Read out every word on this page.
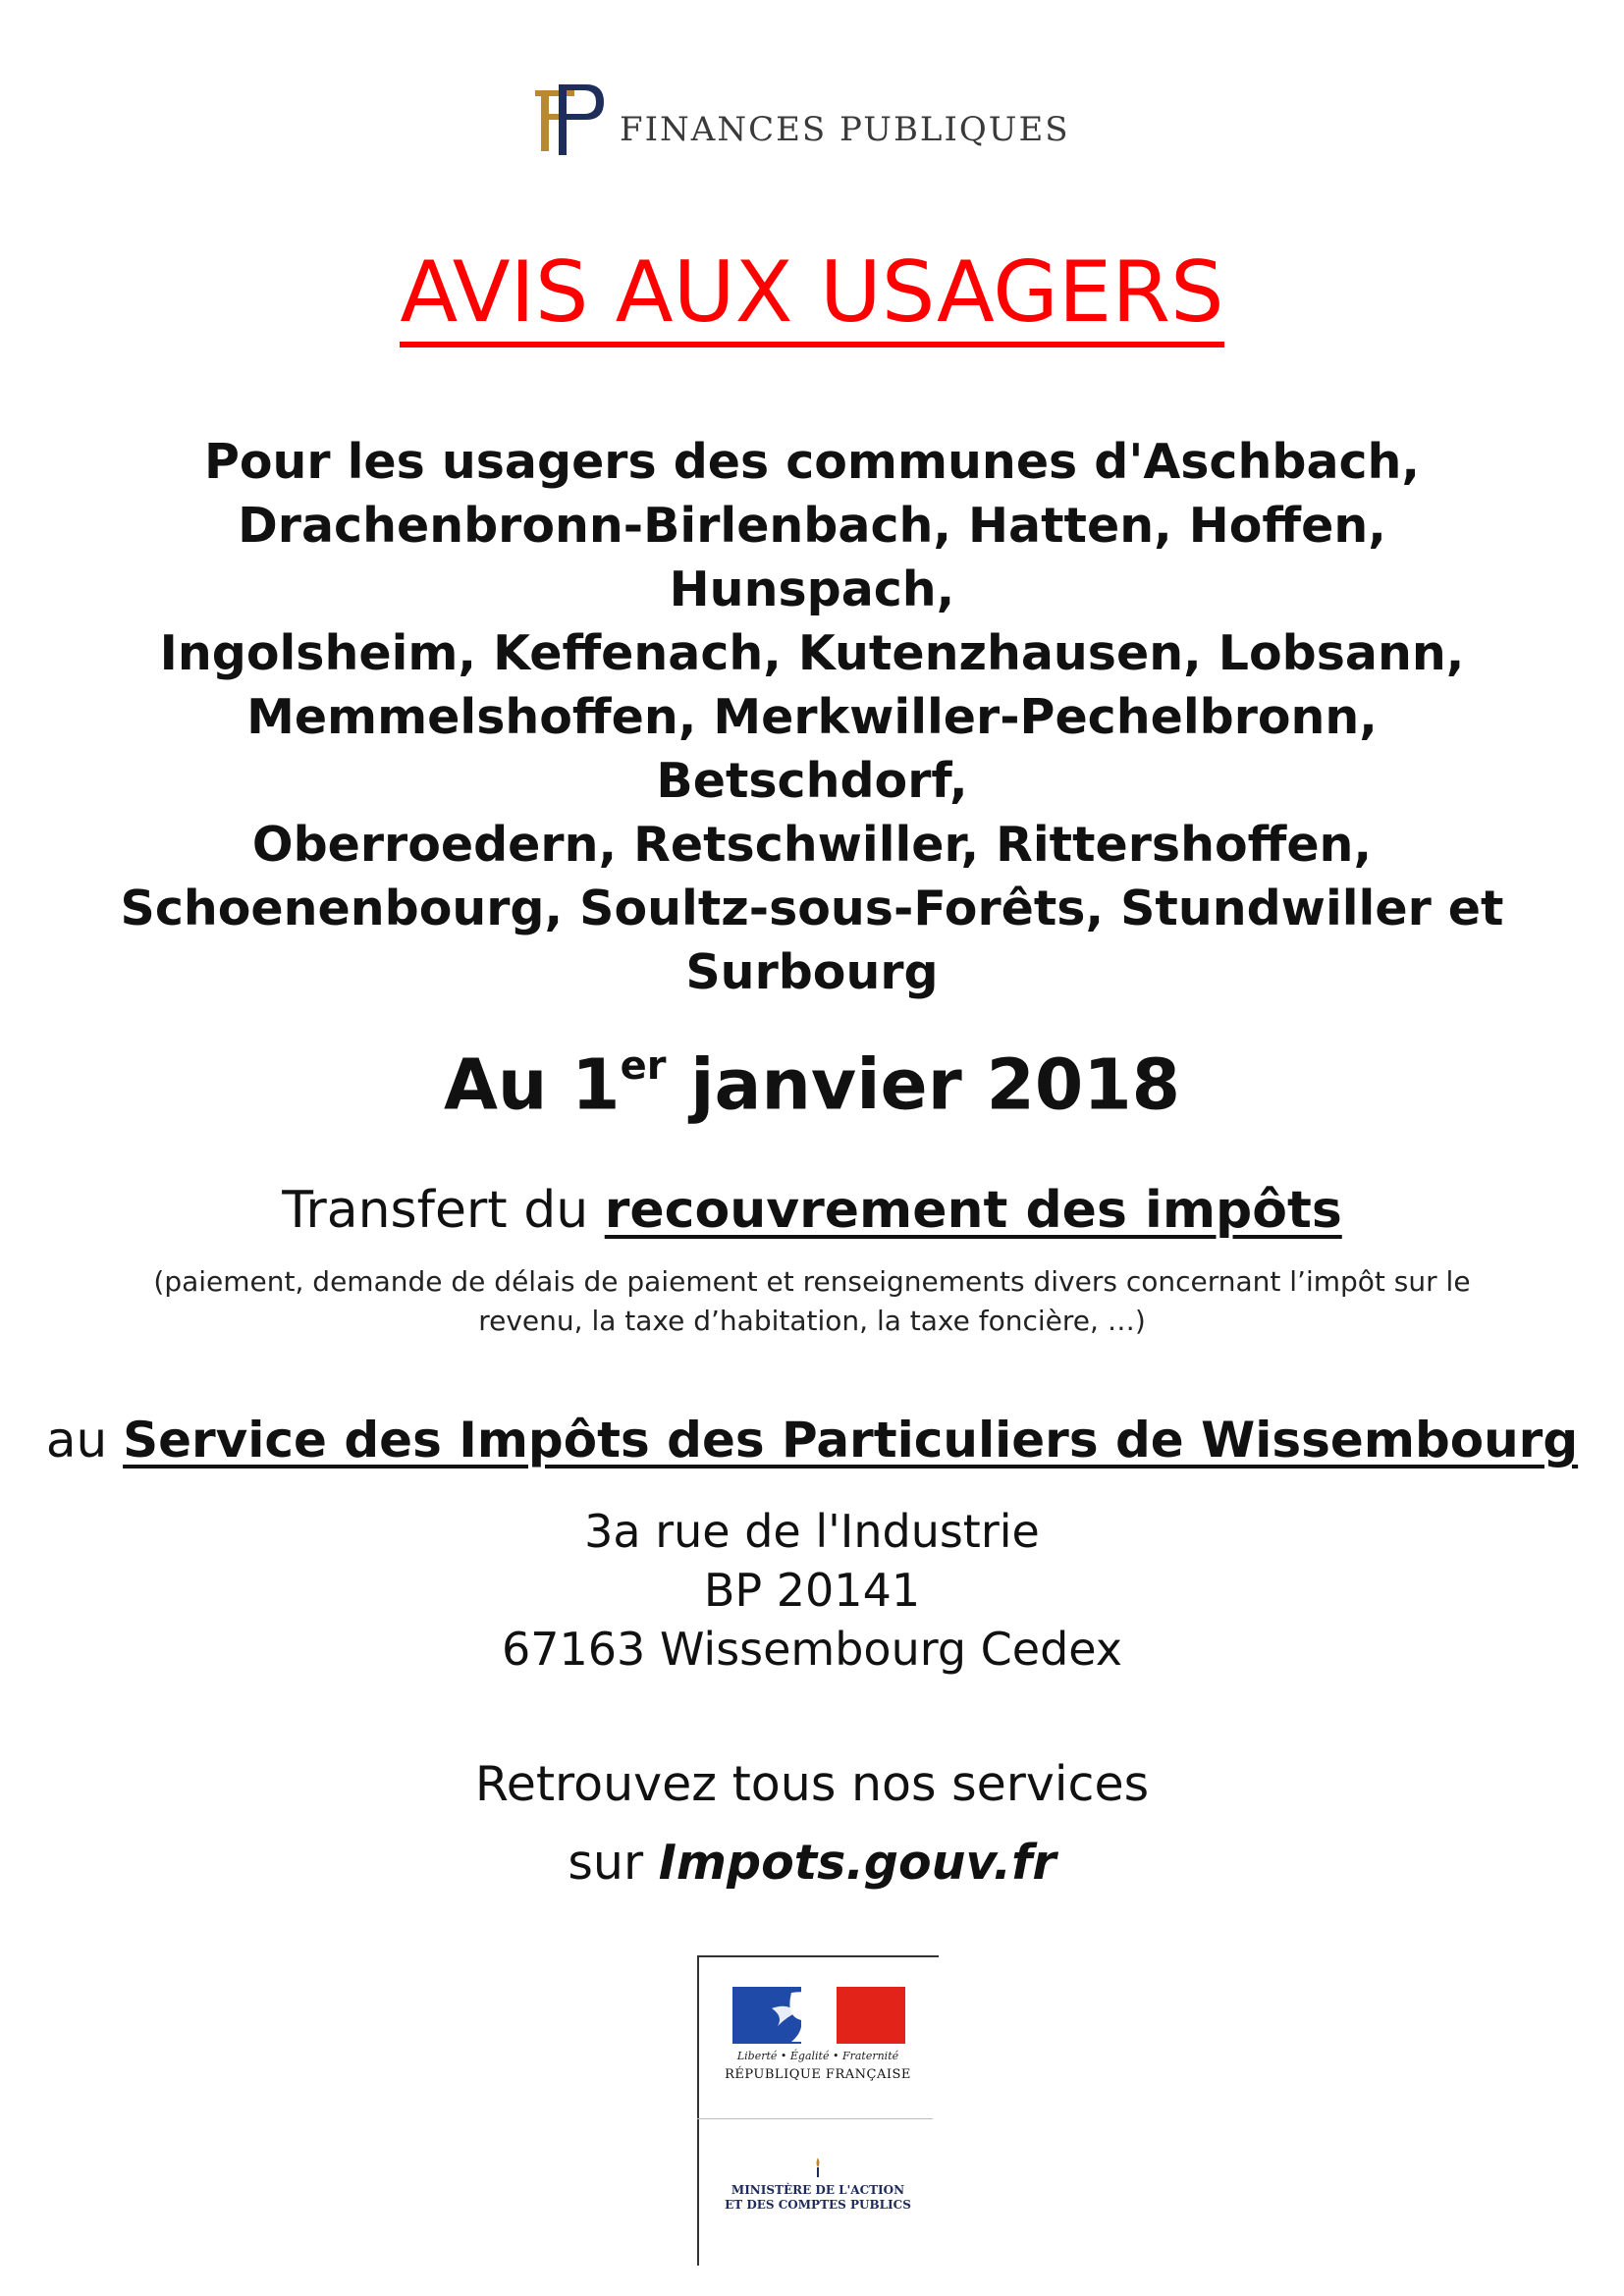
FINANCES PUBLIQUES
AVIS AUX USAGERS
Pour les usagers des communes d'Aschbach,
Drachenbronn-Birlenbach, Hatten, Hoffen, Hunspach,
Ingolsheim, Keffenach, Kutenzhausen, Lobsann,
Memmelshoffen, Merkwiller-Pechelbronn, Betschdorf,
Oberroedern, Retschwiller, Rittershoffen,
Schoenenbourg, Soultz-sous-Forêts, Stundwiller et
Surbourg
Au 1er janvier 2018
Transfert du recouvrement des impôts
(paiement, demande de délais de paiement et renseignements divers concernant l’impôt sur le
revenu, la taxe d’habitation, la taxe foncière, …)
au Service des Impôts des Particuliers de Wissembourg
3a rue de l'Industrie
BP 20141
67163 Wissembourg Cedex
Retrouvez tous nos services
sur Impots.gouv.fr
Liberté • Égalité • Fraternité
RÉPUBLIQUE FRANÇAISE
MINISTÈRE DE L'ACTION
ET DES COMPTES PUBLICS
